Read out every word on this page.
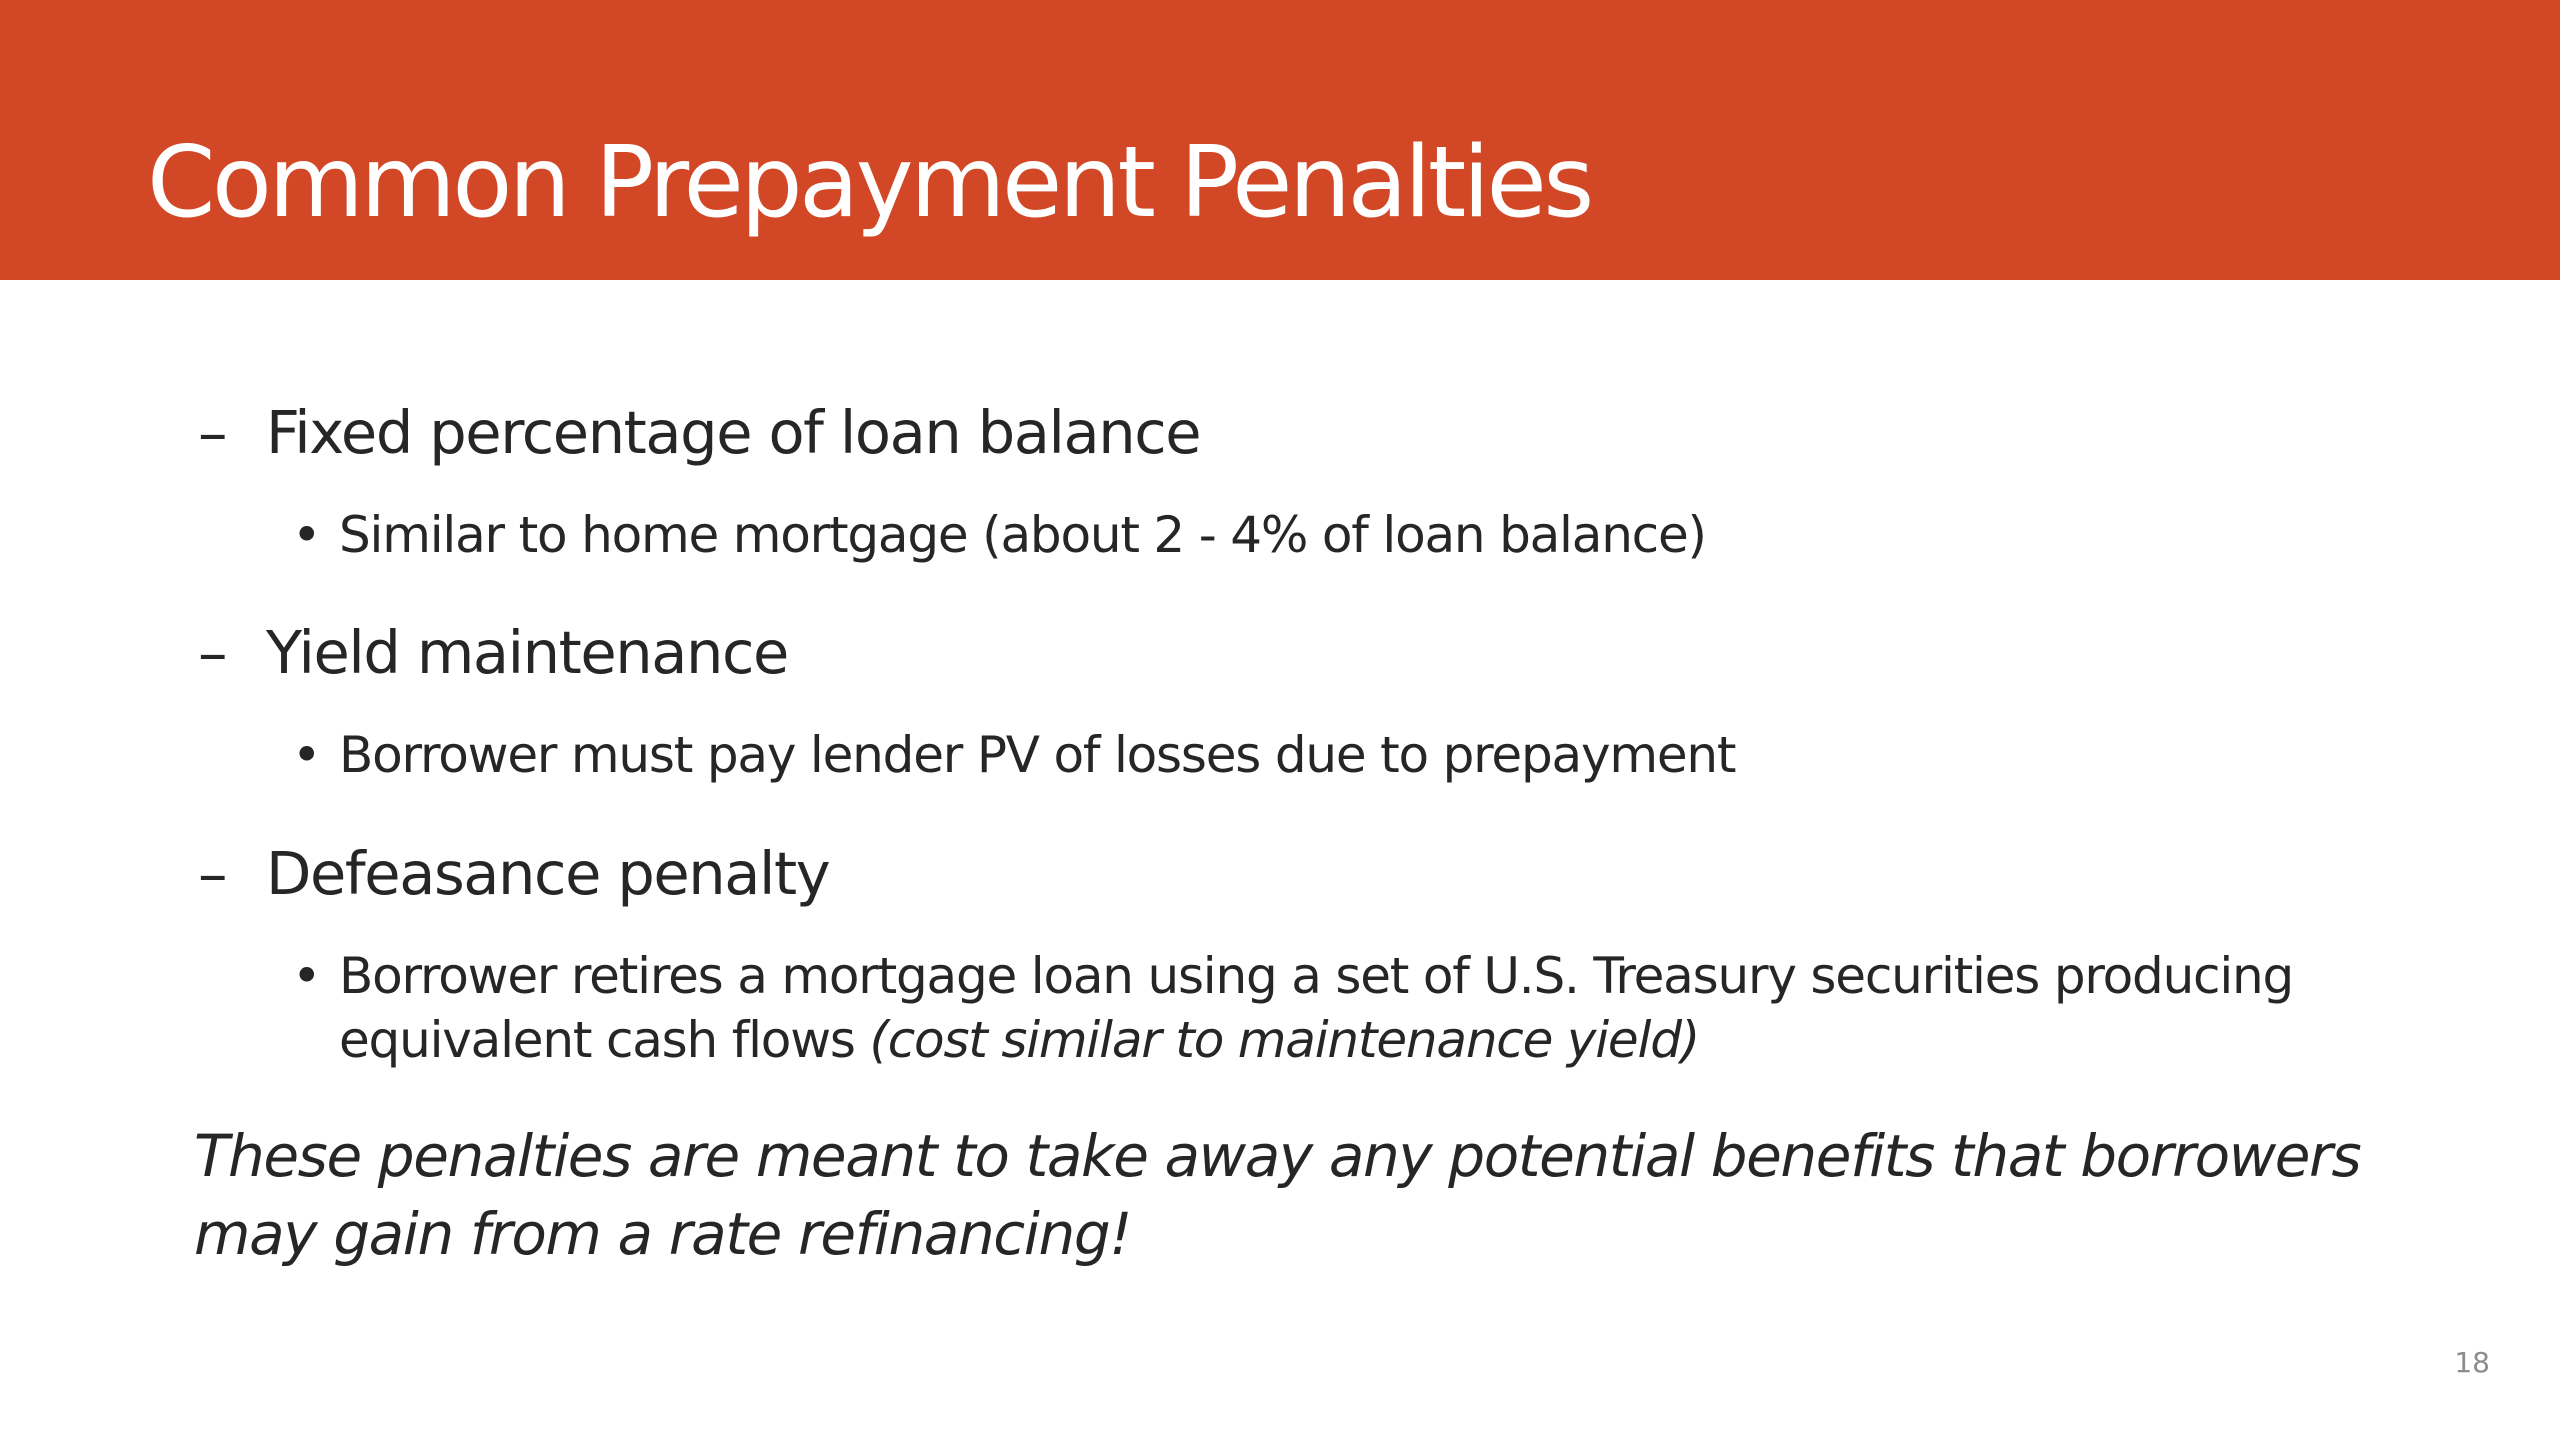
Common Prepayment Penalties
– Fixed percentage of loan balance
• Similar to home mortgage (about 2 - 4% of loan balance)
– Yield maintenance
• Borrower must pay lender PV of losses due to prepayment
– Defeasance penalty
• Borrower retires a mortgage loan using a set of U.S. Treasury securities producing equivalent cash flows (cost similar to maintenance yield)
These penalties are meant to take away any potential benefits that borrowers may gain from a rate refinancing!
18
